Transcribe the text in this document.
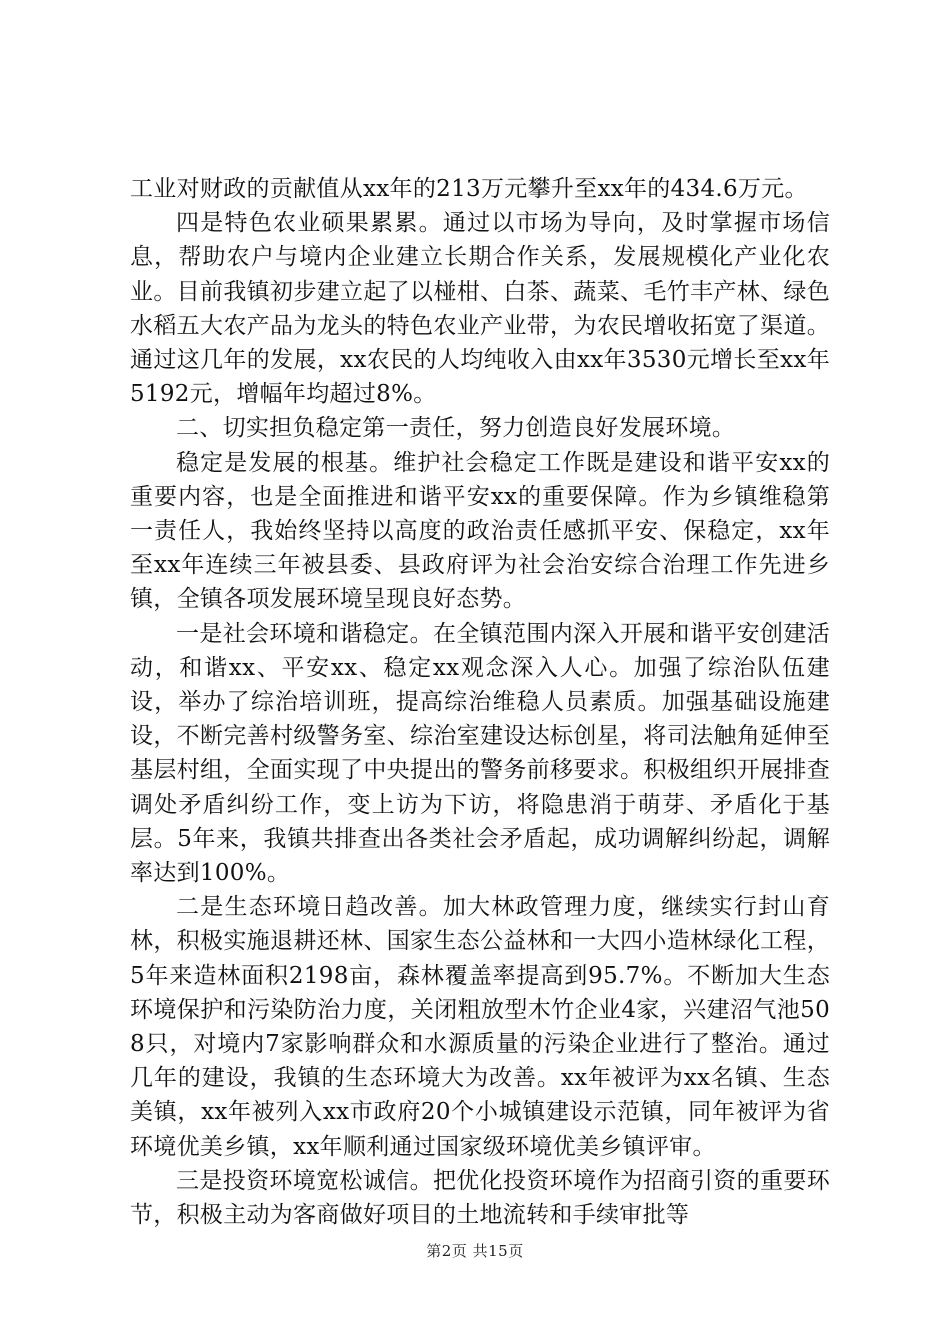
工业对财政的贡献值从xx年的213万元攀升至xx年的434.6万元。

四是特色农业硕果累累。通过以市场为导向，及时掌握市场信息，帮助农户与境内企业建立长期合作关系，发展规模化产业化农业。目前我镇初步建立起了以椪柑、白茶、蔬菜、毛竹丰产林、绿色水稻五大农产品为龙头的特色农业产业带，为农民增收拓宽了渠道。通过这几年的发展，xx农民的人均纯收入由xx年3530元增长至xx年5192元，增幅年均超过8%。

二、切实担负稳定第一责任，努力创造良好发展环境。

稳定是发展的根基。维护社会稳定工作既是建设和谐平安xx的重要内容，也是全面推进和谐平安xx的重要保障。作为乡镇维稳第一责任人，我始终坚持以高度的政治责任感抓平安、保稳定，xx年至xx年连续三年被县委、县政府评为社会治安综合治理工作先进乡镇，全镇各项发展环境呈现良好态势。

一是社会环境和谐稳定。在全镇范围内深入开展和谐平安创建活动，和谐xx、平安xx、稳定xx观念深入人心。加强了综治队伍建设，举办了综治培训班，提高综治维稳人员素质。加强基础设施建设，不断完善村级警务室、综治室建设达标创星，将司法触角延伸至基层村组，全面实现了中央提出的警务前移要求。积极组织开展排查调处矛盾纠纷工作，变上访为下访，将隐患消于萌芽、矛盾化于基层。5年来，我镇共排查出各类社会矛盾起，成功调解纠纷起，调解率达到100%。

二是生态环境日趋改善。加大林政管理力度，继续实行封山育林，积极实施退耕还林、国家生态公益林和一大四小造林绿化工程，5年来造林面积2198亩，森林覆盖率提高到95.7%。不断加大生态环境保护和污染防治力度，关闭粗放型木竹企业4家，兴建沼气池508只，对境内7家影响群众和水源质量的污染企业进行了整治。通过几年的建设，我镇的生态环境大为改善。xx年被评为xx名镇、生态美镇，xx年被列入xx市政府20个小城镇建设示范镇，同年被评为省环境优美乡镇，xx年顺利通过国家级环境优美乡镇评审。

三是投资环境宽松诚信。把优化投资环境作为招商引资的重要环节，积极主动为客商做好项目的土地流转和手续审批等

第2页 共15页
